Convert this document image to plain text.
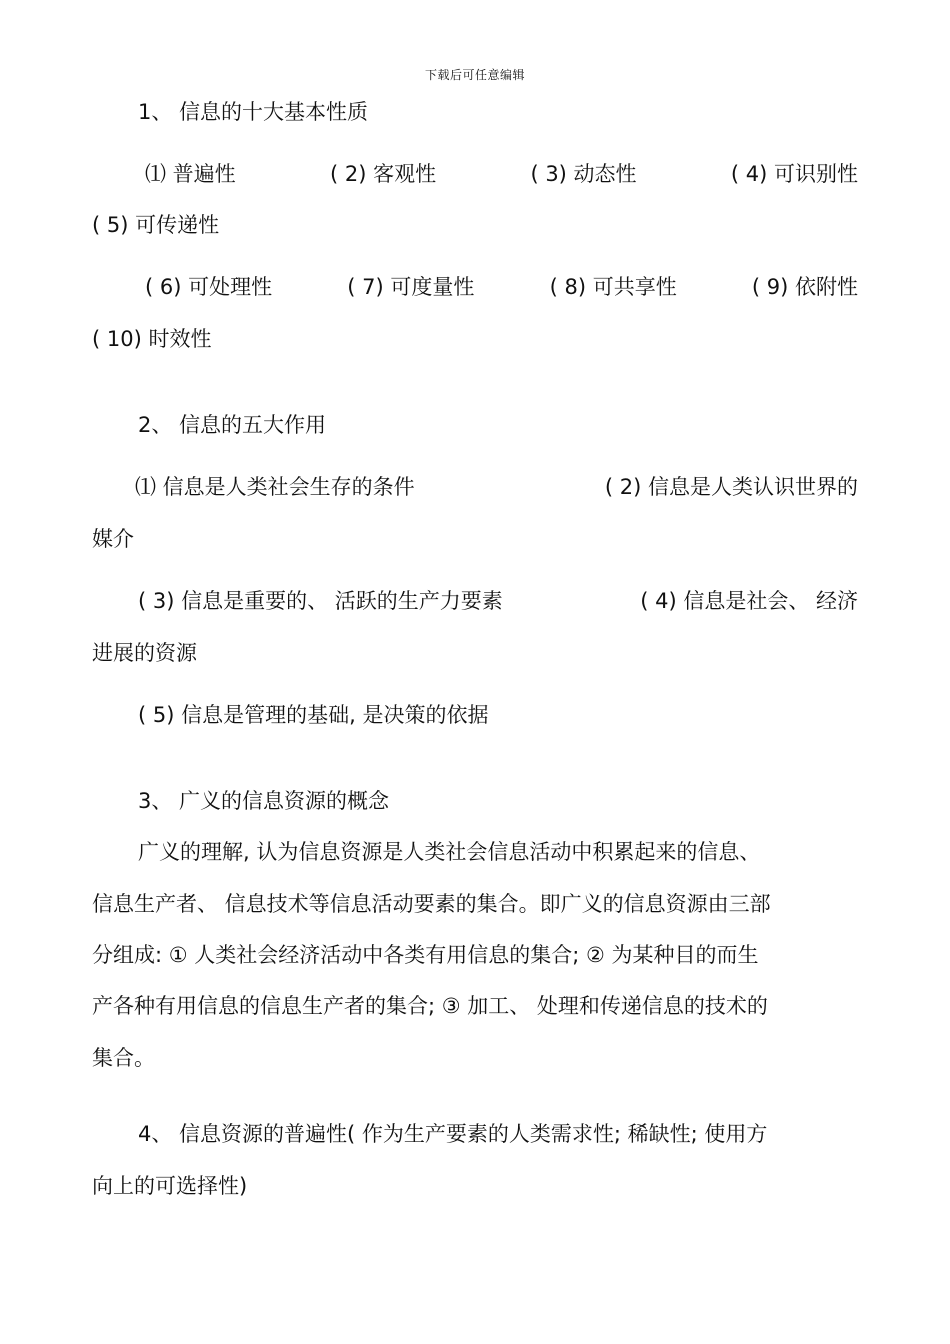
下载后可任意编辑
1、 信息的十大基本性质
⑴ 普遍性	( 2) 客观性	( 3) 动态性	( 4) 可识别性
( 5) 可传递性
( 6) 可处理性	( 7) 可度量性	( 8) 可共享性	( 9) 依附性
( 10) 时效性
2、 信息的五大作用
⑴ 信息是人类社会生存的条件	( 2) 信息是人类认识世界的
媒介
( 3) 信息是重要的、 活跃的生产力要素	( 4) 信息是社会、 经济
进展的资源
( 5) 信息是管理的基础, 是决策的依据
3、 广义的信息资源的概念
广义的理解, 认为信息资源是人类社会信息活动中积累起来的信息、
信息生产者、 信息技术等信息活动要素的集合。即广义的信息资源由三部
分组成: ① 人类社会经济活动中各类有用信息的集合; ② 为某种目的而生
产各种有用信息的信息生产者的集合; ③ 加工、 处理和传递信息的技术的
集合。
4、 信息资源的普遍性( 作为生产要素的人类需求性; 稀缺性; 使用方
向上的可选择性)
